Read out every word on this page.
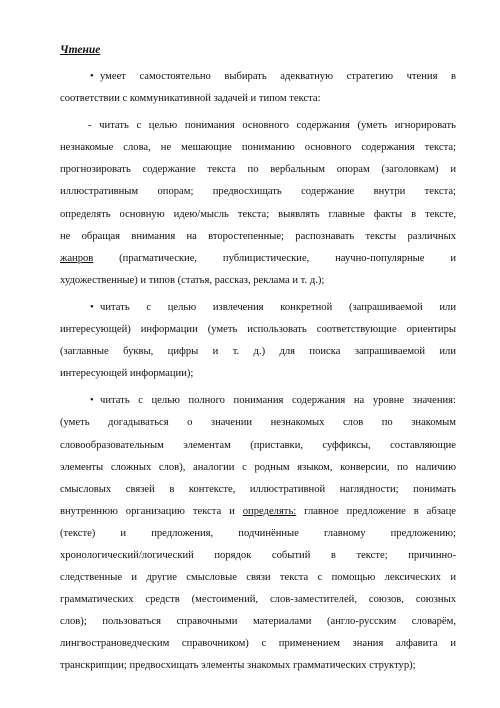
Чтение
• умеет самостоятельно выбирать адекватную стратегию чтения в
соответствии с коммуникативной задачей и типом текста:
- читать с целью понимания основного содержания (уметь игнорировать
незнакомые слова, не мешающие пониманию основного содержания текста;
прогнозировать содержание текста по вербальным опорам (заголовкам) и
иллюстративным опорам; предвосхищать содержание внутри текста;
определять основную идею/мысль текста; выявлять главные факты в тексте,
не обращая внимания на второстепенные; распознавать тексты различных
жанров (прагматические, публицистические, научно-популярные и
художественные) и типов (статья, рассказ, реклама и т. д.);
• читать с целью извлечения конкретной (запрашиваемой или
интересующей) информации (уметь использовать соответствующие ориентиры
(заглавные буквы, цифры и т. д.) для поиска запрашиваемой или
интересующей информации);
• читать с целью полного понимания содержания на уровне значения:
(уметь догадываться о значении незнакомых слов по знакомым
словообразовательным элементам (приставки, суффиксы, составляющие
элементы сложных слов), аналогии с родным языком, конверсии, по наличию
смысловых связей в контексте, иллюстративной наглядности; понимать
внутреннюю организацию текста и определять: главное предложение в абзаце
(тексте) и предложения, подчинённые главному предложению;
хронологический/логический порядок событий в тексте; причинно-
следственные и другие смысловые связи текста с помощью лексических и
грамматических средств (местоимений, слов-заместителей, союзов, союзных
слов); пользоваться справочными материалами (англо-русским словарём,
лингвострановедческим справочником) с применением знания алфавита и
транскрипции; предвосхищать элементы знакомых грамматических структур);
